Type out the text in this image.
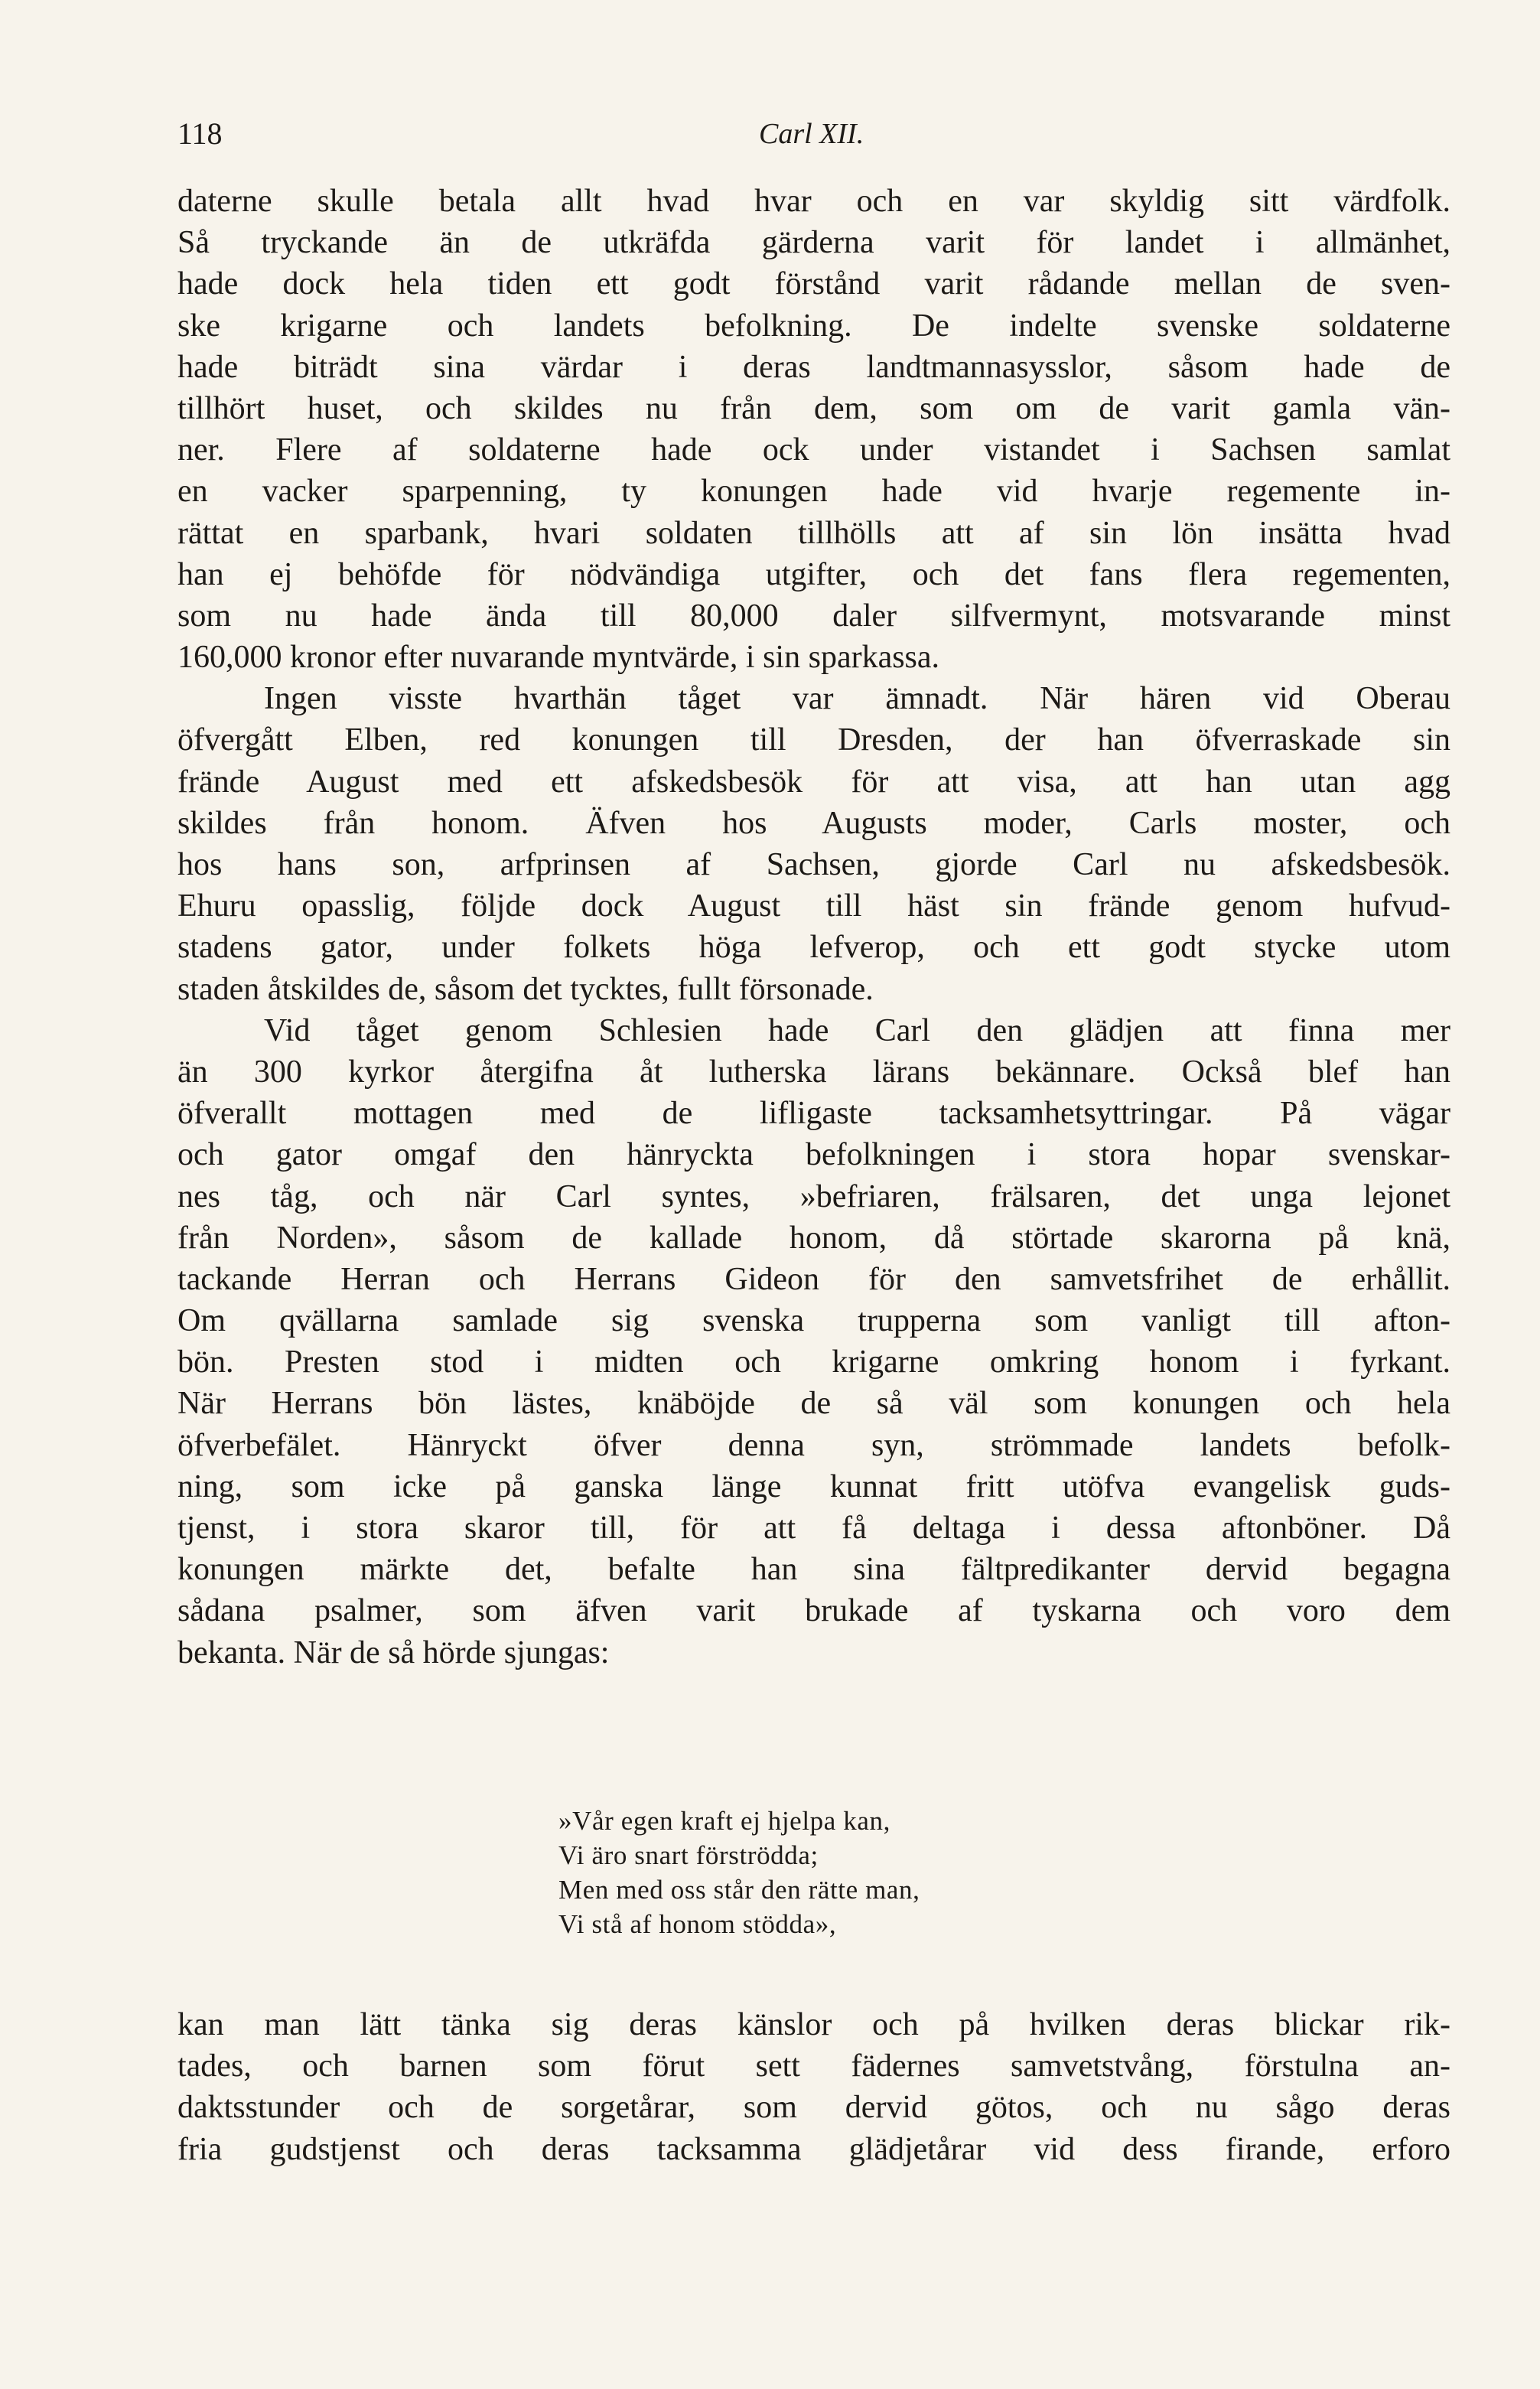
118	Carl XII.
daterne skulle betala allt hvad hvar och en var skyldig sitt värdfolk.
Så tryckande än de utkräfda gärderna varit för landet i allmänhet,
hade dock hela tiden ett godt förstånd varit rådande mellan de sven-
ske krigarne och landets befolkning. De indelte svenske soldaterne
hade biträdt sina värdar i deras landtmannasysslor, såsom hade de
tillhört huset, och skildes nu från dem, som om de varit gamla vän-
ner. Flere af soldaterne hade ock under vistandet i Sachsen samlat
en vacker sparpenning, ty konungen hade vid hvarje regemente in-
rättat en sparbank, hvari soldaten tillhölls att af sin lön insätta hvad
han ej behöfde för nödvändiga utgifter, och det fans flera regementen,
som nu hade ända till 80,000 daler silfvermynt, motsvarande minst
160,000 kronor efter nuvarande myntvärde, i sin sparkassa.
Ingen visste hvarthän tåget var ämnadt. När hären vid Oberau
öfvergått Elben, red konungen till Dresden, der han öfverraskade sin
frände August med ett afskedsbesök för att visa, att han utan agg
skildes från honom. Äfven hos Augusts moder, Carls moster, och
hos hans son, arfprinsen af Sachsen, gjorde Carl nu afskedsbesök.
Ehuru opasslig, följde dock August till häst sin frände genom hufvud-
stadens gator, under folkets höga lefverop, och ett godt stycke utom
staden åtskildes de, såsom det tycktes, fullt försonade.
Vid tåget genom Schlesien hade Carl den glädjen att finna mer
än 300 kyrkor återgifna åt lutherska lärans bekännare. Också blef han
öfverallt mottagen med de lifligaste tacksamhetsyttringar. På vägar
och gator omgaf den hänryckta befolkningen i stora hopar svenskar-
nes tåg, och när Carl syntes, »befriaren, frälsaren, det unga lejonet
från Norden», såsom de kallade honom, då störtade skarorna på knä,
tackande Herran och Herrans Gideon för den samvetsfrihet de erhållit.
Om qvällarna samlade sig svenska trupperna som vanligt till afton-
bön. Presten stod i midten och krigarne omkring honom i fyrkant.
När Herrans bön lästes, knäböjde de så väl som konungen och hela
öfverbefälet. Hänryckt öfver denna syn, strömmade landets befolk-
ning, som icke på ganska länge kunnat fritt utöfva evangelisk guds-
tjenst, i stora skaror till, för att få deltaga i dessa aftonböner. Då
konungen märkte det, befalte han sina fältpredikanter dervid begagna
sådana psalmer, som äfven varit brukade af tyskarna och voro dem
bekanta. När de så hörde sjungas:
»Vår egen kraft ej hjelpa kan,
Vi äro snart förströdda;
Men med oss står den rätte man,
Vi stå af honom stödda»,
kan man lätt tänka sig deras känslor och på hvilken deras blickar rik-
tades, och barnen som förut sett fädernes samvetstvång, förstulna an-
daktsstunder och de sorgetårar, som dervid götos, och nu sågo deras
fria gudstjenst och deras tacksamma glädjetårar vid dess firande, erforo
